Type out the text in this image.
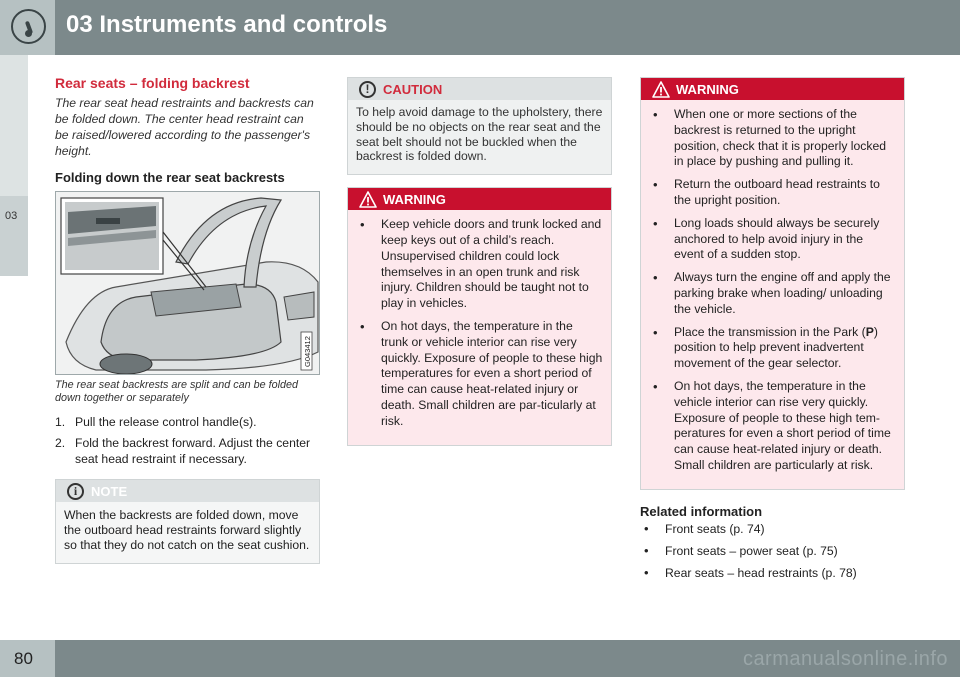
03 Instruments and controls
03
Rear seats – folding backrest
The rear seat head restraints and backrests can be folded down. The center head restraint can be raised/lowered according to the passenger's height.
Folding down the rear seat backrests
G043412
The rear seat backrests are split and can be folded down together or separately
1. Pull the release control handle(s).
2. Fold the backrest forward. Adjust the center seat head restraint if necessary.
i	NOTE
When the backrests are folded down, move the outboard head restraints forward slightly so that they do not catch on the seat cushion.
!	CAUTION
To help avoid damage to the upholstery, there should be no objects on the rear seat and the seat belt should not be buckled when the backrest is folded down.
WARNING
• Keep vehicle doors and trunk locked and keep keys out of a child’s reach. Unsupervised children could lock themselves in an open trunk and risk injury. Children should be taught not to play in vehicles.
• On hot days, the temperature in the trunk or vehicle interior can rise very quickly. Exposure of people to these high temperatures for even a short period of time can cause heat-related injury or death. Small children are par-ticularly at risk.
WARNING
• When one or more sections of the backrest is returned to the upright position, check that it is properly locked in place by pushing and pulling it.
• Return the outboard head restraints to the upright position.
• Long loads should always be securely anchored to help avoid injury in the event of a sudden stop.
• Always turn the engine off and apply the parking brake when loading/ unloading the vehicle.
• Place the transmission in the Park (P) position to help prevent inadvertent movement of the gear selector.
• On hot days, the temperature in the vehicle interior can rise very quickly. Exposure of people to these high tem-peratures for even a short period of time can cause heat-related injury or death. Small children are particularly at risk.
Related information
• Front seats (p. 74)
• Front seats – power seat (p. 75)
• Rear seats – head restraints (p. 78)
80	carmanualsonline.info
